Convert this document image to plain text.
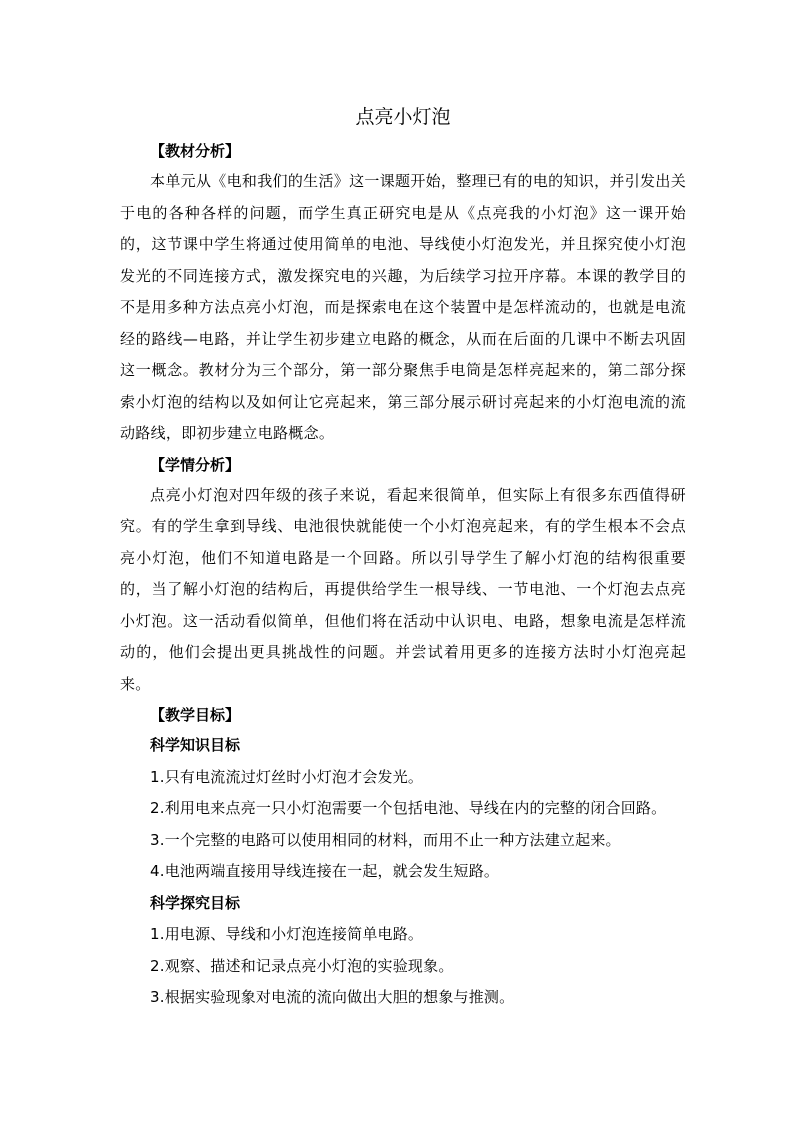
点亮小灯泡

【教材分析】

本单元从《电和我们的生活》这一课题开始，整理已有的电的知识，并引发出关于电的各种各样的问题，而学生真正研究电是从《点亮我的小灯泡》这一课开始的，这节课中学生将通过使用简单的电池、导线使小灯泡发光，并且探究使小灯泡发光的不同连接方式，激发探究电的兴趣，为后续学习拉开序幕。本课的教学目的不是用多种方法点亮小灯泡，而是探索电在这个装置中是怎样流动的，也就是电流经的路线—电路，并让学生初步建立电路的概念，从而在后面的几课中不断去巩固这一概念。教材分为三个部分，第一部分聚焦手电筒是怎样亮起来的，第二部分探索小灯泡的结构以及如何让它亮起来，第三部分展示研讨亮起来的小灯泡电流的流动路线，即初步建立电路概念。

【学情分析】

点亮小灯泡对四年级的孩子来说，看起来很简单，但实际上有很多东西值得研究。有的学生拿到导线、电池很快就能使一个小灯泡亮起来，有的学生根本不会点亮小灯泡，他们不知道电路是一个回路。所以引导学生了解小灯泡的结构很重要的，当了解小灯泡的结构后，再提供给学生一根导线、一节电池、一个灯泡去点亮小灯泡。这一活动看似简单，但他们将在活动中认识电、电路，想象电流是怎样流动的，他们会提出更具挑战性的问题。并尝试着用更多的连接方法时小灯泡亮起来。

【教学目标】

科学知识目标

1.只有电流流过灯丝时小灯泡才会发光。

2.利用电来点亮一只小灯泡需要一个包括电池、导线在内的完整的闭合回路。

3.一个完整的电路可以使用相同的材料，而用不止一种方法建立起来。

4.电池两端直接用导线连接在一起，就会发生短路。

科学探究目标

1.用电源、导线和小灯泡连接简单电路。

2.观察、描述和记录点亮小灯泡的实验现象。

3.根据实验现象对电流的流向做出大胆的想象与推测。
